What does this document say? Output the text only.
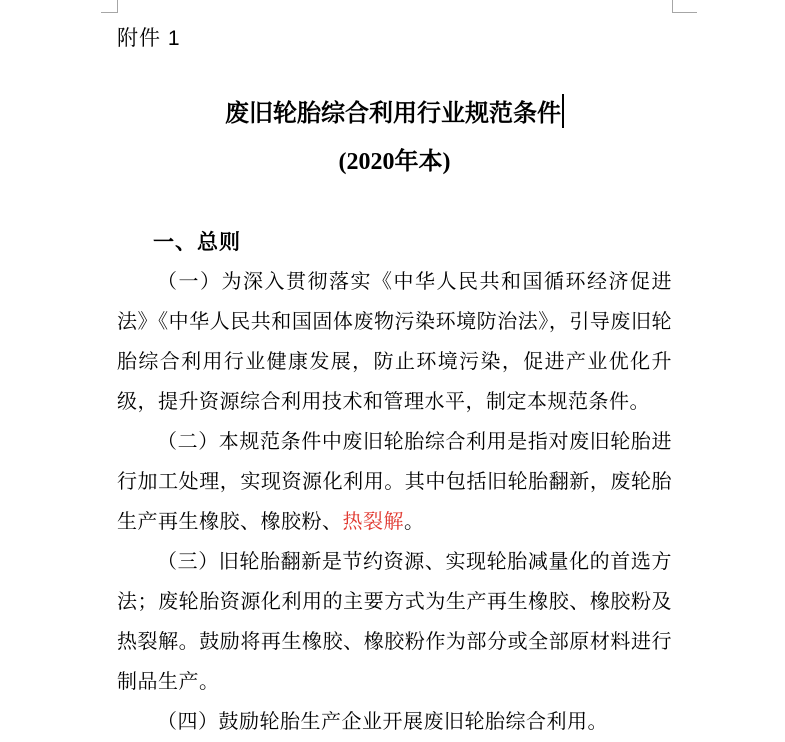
附件 1
废旧轮胎综合利用行业规范条件
(2020年本)
一、总则

（一）为深入贯彻落实《中华人民共和国循环经济促进法》《中华人民共和国固体废物污染环境防治法》，引导废旧轮胎综合利用行业健康发展，防止环境污染，促进产业优化升级，提升资源综合利用技术和管理水平，制定本规范条件。

（二）本规范条件中废旧轮胎综合利用是指对废旧轮胎进行加工处理，实现资源化利用。其中包括旧轮胎翻新，废轮胎生产再生橡胶、橡胶粉、热裂解。

（三）旧轮胎翻新是节约资源、实现轮胎减量化的首选方法；废轮胎资源化利用的主要方式为生产再生橡胶、橡胶粉及热裂解。鼓励将再生橡胶、橡胶粉作为部分或全部原材料进行制品生产。

（四）鼓励轮胎生产企业开展废旧轮胎综合利用。
